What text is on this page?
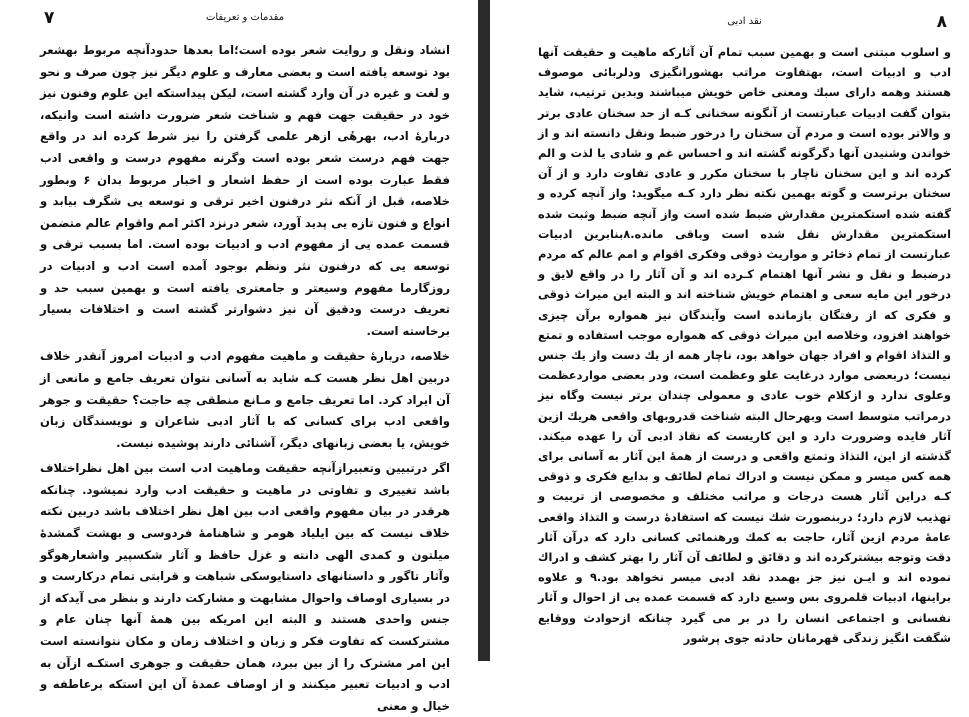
۷	مقدمات و تعریفات

انشاد ونقل و روایت شعر بوده است؛اما بعدها حدودآنچه مربوط بهشعر بود توسعه یافته است و بعضی معارف و علوم دیگر نیز چون صرف و نحو و لغت و غیره در آن وارد گشته است، لیکن پیداستکه این علوم وفنون نیز خود در حقیقت جهت فهم و شناخت شعر ضرورت داشته است وانیکه، دربارهٔ ادب، بهرهٔی ازهر علمی گرفتن را نیز شرط کرده اند در واقع جهت فهم درست شعر بوده است وگرنه مفهوم درست و واقعی ادب فقط عبارت بوده است از حفظ اشعار و اخبار مربوط بدان ۶ وبطور خلاصه، قبل از آنکه نثر درفنون اخیر ترقی و توسعه یی شگرف بیابد و انواع و فنون تازه یی پدید آورد، شعر درنزد اکثر امم واقوام عالم متضمن قسمت عمده یی از مفهوم ادب و ادبیات بوده است. اما بسبب ترقی و توسعه یی که درفنون نثر ونظم بوجود آمده است ادب و ادبیات در روزگارما مفهوم وسیعتر و جامعتری یافته است و بهمین سبب حد و تعریف درست ودقیق آن نیز دشوارتر گشته است و اختلافات بسیار برخاسته است.

خلاصه، دربارهٔ حقیقت و ماهیت مفهوم ادب و ادبیات امروز آنقدر خلاف دربین اهل نظر هست کـه شاید به آسانی نتوان تعریف جامع و مانعی از آن ایراد کرد. اما تعریف جامع و مـانع منطقی چه حاجت؟ حقیقت و جوهر واقعی ادب برای کسانی که با آثار ادبی شاعران و نویسندگان زبان خویش، یا بعضی زبانهای دیگر، آشنائی دارند پوشیده نیست.

اگر درتبیین وتعبیرازآنچه حقیقت وماهیت ادب است بین اهل نظراختلاف باشد تغییری و تفاوتی در ماهیت و حقیقت ادب وارد نمیشود. چنانکه هرقدر در بیان مفهوم واقعی ادب بین اهل نظر اختلاف باشد دربین نکته خلاف نیست که بین ایلیاد هومر و شاهنامهٔ فردوسی و بهشت گمشدهٔ میلتون و کمدی الهی دانته و غزل حافظ و آثار شکسپیر واشعارهوگو وآثار تاگور و داستانهای داستایوسکی شباهت و قرابتی تمام درکارست و در بسیاری اوصاف واحوال مشابهت و مشارکت دارند و بنظر می آیدکه از جنس واحدی هستند و البته این امریکه بین همهٔ آنها چنان عام و مشترکست که تفاوت فکر و زبان و اختلاف زمان و مکان نتوانسته است این امر مشترک را از بین ببرد، همان حقیقت و جوهری استکـه ازآن به ادب و ادبیات تعبیر میکنند و از اوصاف عمدهٔ آن این استکه برعاطفه و خیال و معنی

۸
نقد ادبی

و اسلوب مبتنی است و بهمین سبب تمام آن آثارکه ماهیت و حقیقت آنها ادب و ادبیات است، بهتفاوت مراتب بهشورانگیزی ودلربائی موصوف هستند وهمه دارای سبك ومعنی خاص خویش میباشند وبدین ترتیب، شاید بتوان گفت ادبیات عبارتست از آنگونه سخنانی کـه از حد سخنان عادی برتر و والاتر بوده است و مردم آن سخنان را درخور ضبط ونقل دانسته اند و از خواندن وشنیدن آنها دگرگونه گشته اند و احساس غم و شادی یا لذت و الم کرده اند و این سخنان ناچار با سخنان مکرر و عادی تفاوت دارد و از آن سخنان برترست و گوته بهمین نکته نظر دارد کـه میگوید: واز آنچه کرده و گفته شده استکمترین مقدارش ضبط شده است واز آنچه ضبط وثبت شده استکمترین مقدارش نقل شده است وباقی مانده.۸بنابرین ادبیات عبارتست از تمام ذخائر و مواریث ذوقی وفکری اقوام و امم عالم که مردم درضبط و نقل و نشر آنها اهتمام کـرده اند و آن آثار را در واقع لایق و درخور این مایه سعی و اهتمام خویش شناخته اند و البته این میراث ذوقی و فکری که از رفتگان بازمانده است وآیندگان نیز همواره برآن چیزی خواهند افزود، وخلاصه این میراث ذوقی که همواره موجب استفاده و تمتع و التذاذ اقوام و افراد جهان خواهد بود، ناچار همه از یك دست واز یك جنس نیست؛ دربعضی موارد درغایت علو وعظمت است، ودر بعضی مواردعظمت وعلوی ندارد و ازکلام خوب عادی و معمولی چندان برتر نیست وگاه نیز درمراتب متوسط است وبهرحال البته شناخت قدروبهای واقعی هریك ازین آثار فایده وضرورت دارد و این کاریست که نقاد ادبی آن را عهده میکند. گذشته از این، التذاذ وتمتع واقعی و درست از همهٔ این آثار به آسانی برای همه کس میسر و ممکن نیست و ادراك تمام لطائف و بدایع فکری و ذوقی کـه دراین آثار هست درجات و مراتب مختلف و مخصوصی از تربیت و تهذیب لازم دارد؛ دربنصورت شك نیست که استفادهٔ درست و التذاذ واقعی عامهٔ مردم ازین آثار، حاجت به کمك ورهنمائی کسانی دارد که درآن آثار دقت وتوجه بیشترکرده اند و دقائق و لطائف آن آثار را بهتر کشف و ادراك نموده اند و ایـن نیز جز بهمدد نقد ادبی میسر نخواهد بود.۹ و علاوه براینها، ادبیات قلمروی بس وسیع دارد که قسمت عمده یی از احوال و آثار نفسانی و اجتماعی انسان را در بر می گیرد چنانکه ازحوادث ووقایع شگفت انگیز زندگی قهرمانان حادثه جوی پرشور
